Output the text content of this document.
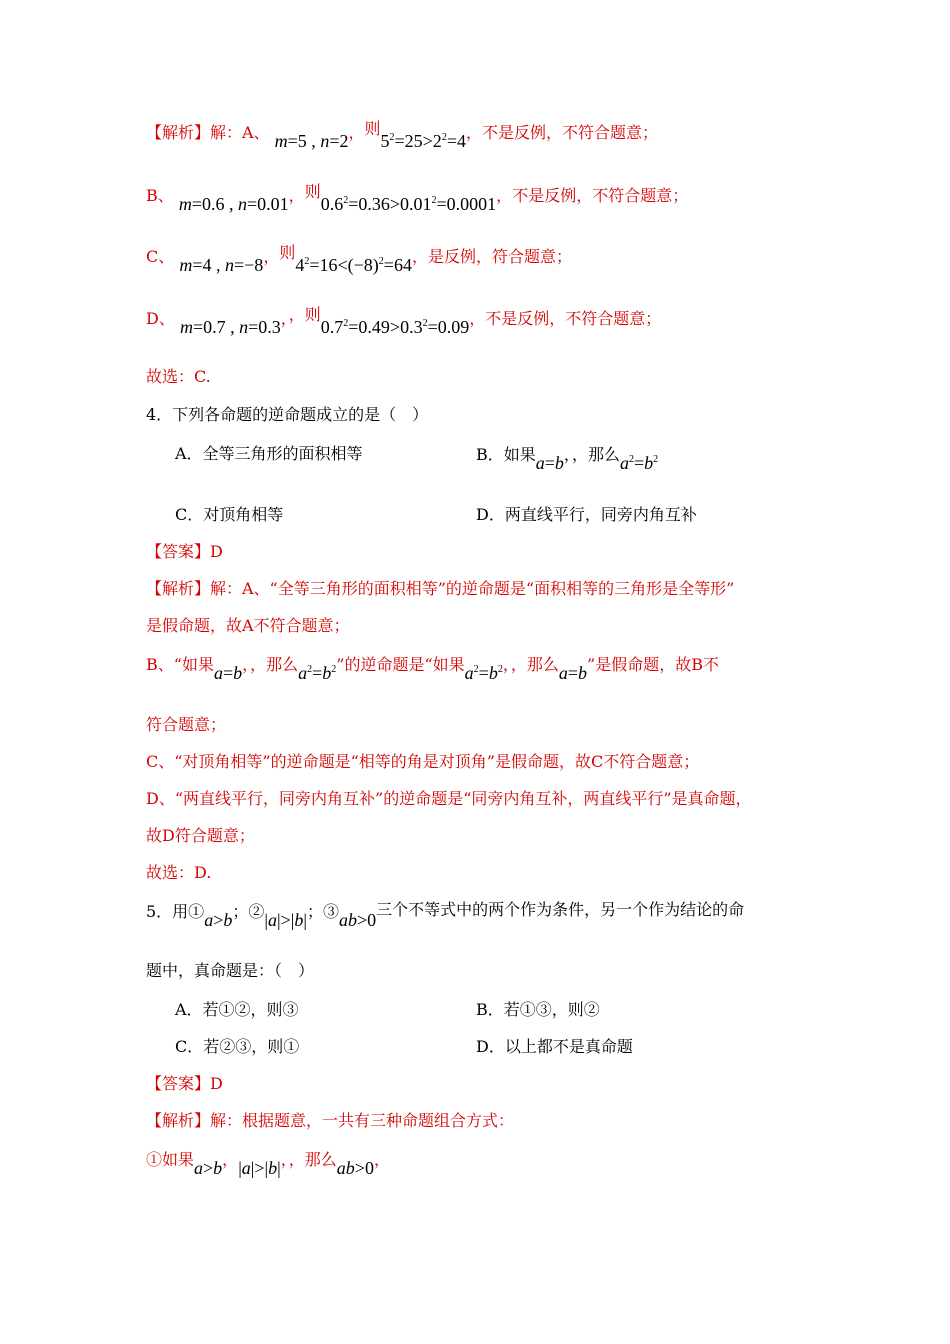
【解析】解：A、 m=5 , n=2，则$5^2=25>2^2=4$，不是反例，不符合题意；
B、 m=0.6 , n=0.01，则$0.6^2=0.36>0.01^2=0.0001$，不是反例，不符合题意；
C、 m=4 , n=−8，则$4^2=16<(-8)^2=64$，是反例，符合题意；
D、 m=0.7 , n=0.3，，则$0.7^2=0.49>0.3^2=0.09$，不是反例，不符合题意；
故选：C.
4．下列各命题的逆命题成立的是（　）
A．全等三角形的面积相等	B．如果a=b，，那么$a^2=b^2$
C．对顶角相等	D．两直线平行，同旁内角互补
【答案】D
【解析】解：A、“全等三角形的面积相等”的逆命题是“面积相等的三角形是全等形”
是假命题，故A不符合题意；
B、“如果a=b，，那么$a^2=b^2$”的逆命题是“如果$a^2=b^2$，，那么a=b”是假命题，故B不
符合题意；
C、“对顶角相等”的逆命题是“相等的角是对顶角”是假命题，故C不符合题意；
D、“两直线平行，同旁内角互补”的逆命题是“同旁内角互补，两直线平行”是真命题，
故D符合题意；
故选：D.
5．用①a>b；②|a|>|b|；③ab>0三个不等式中的两个作为条件，另一个作为结论的命
题中，真命题是：（　）
A．若①②，则③	B．若①③，则②
C．若②③，则①	D．以上都不是真命题
【答案】D
【解析】解：根据题意，一共有三种命题组合方式：
①如果a>b，|a|>|b|，，那么ab>0，
